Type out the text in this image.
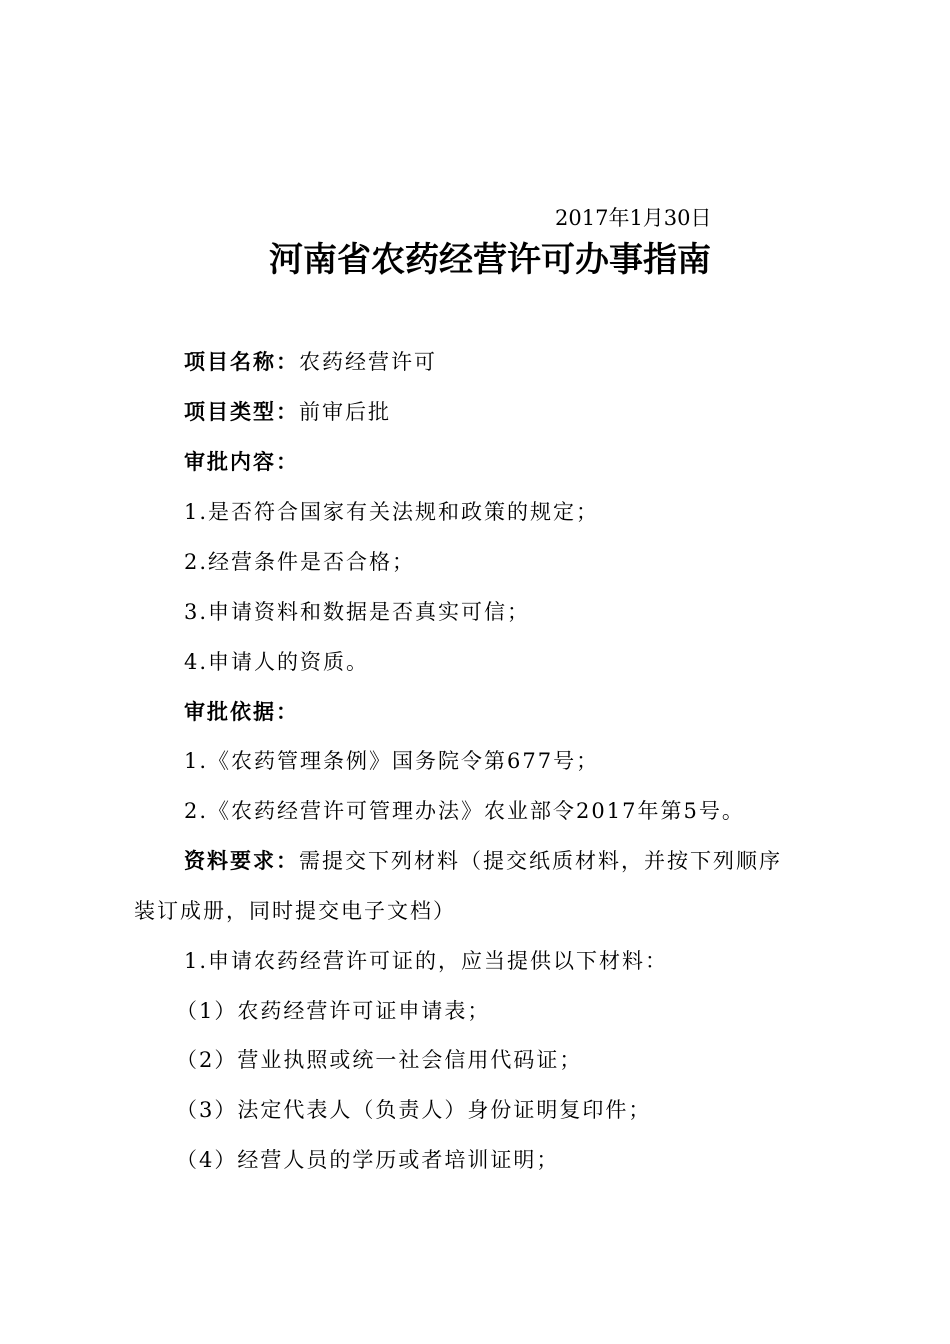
2017年1月30日
河南省农药经营许可办事指南
项目名称：农药经营许可
项目类型：前审后批
审批内容：
1.是否符合国家有关法规和政策的规定；
2.经营条件是否合格；
3.申请资料和数据是否真实可信；
4.申请人的资质。
审批依据：
1.《农药管理条例》国务院令第677号；
2.《农药经营许可管理办法》农业部令2017年第5号。
资料要求：需提交下列材料（提交纸质材料，并按下列顺序
装订成册，同时提交电子文档）
1.申请农药经营许可证的，应当提供以下材料：
（1）农药经营许可证申请表；
（2）营业执照或统一社会信用代码证；
（3）法定代表人（负责人）身份证明复印件；
（4）经营人员的学历或者培训证明；
